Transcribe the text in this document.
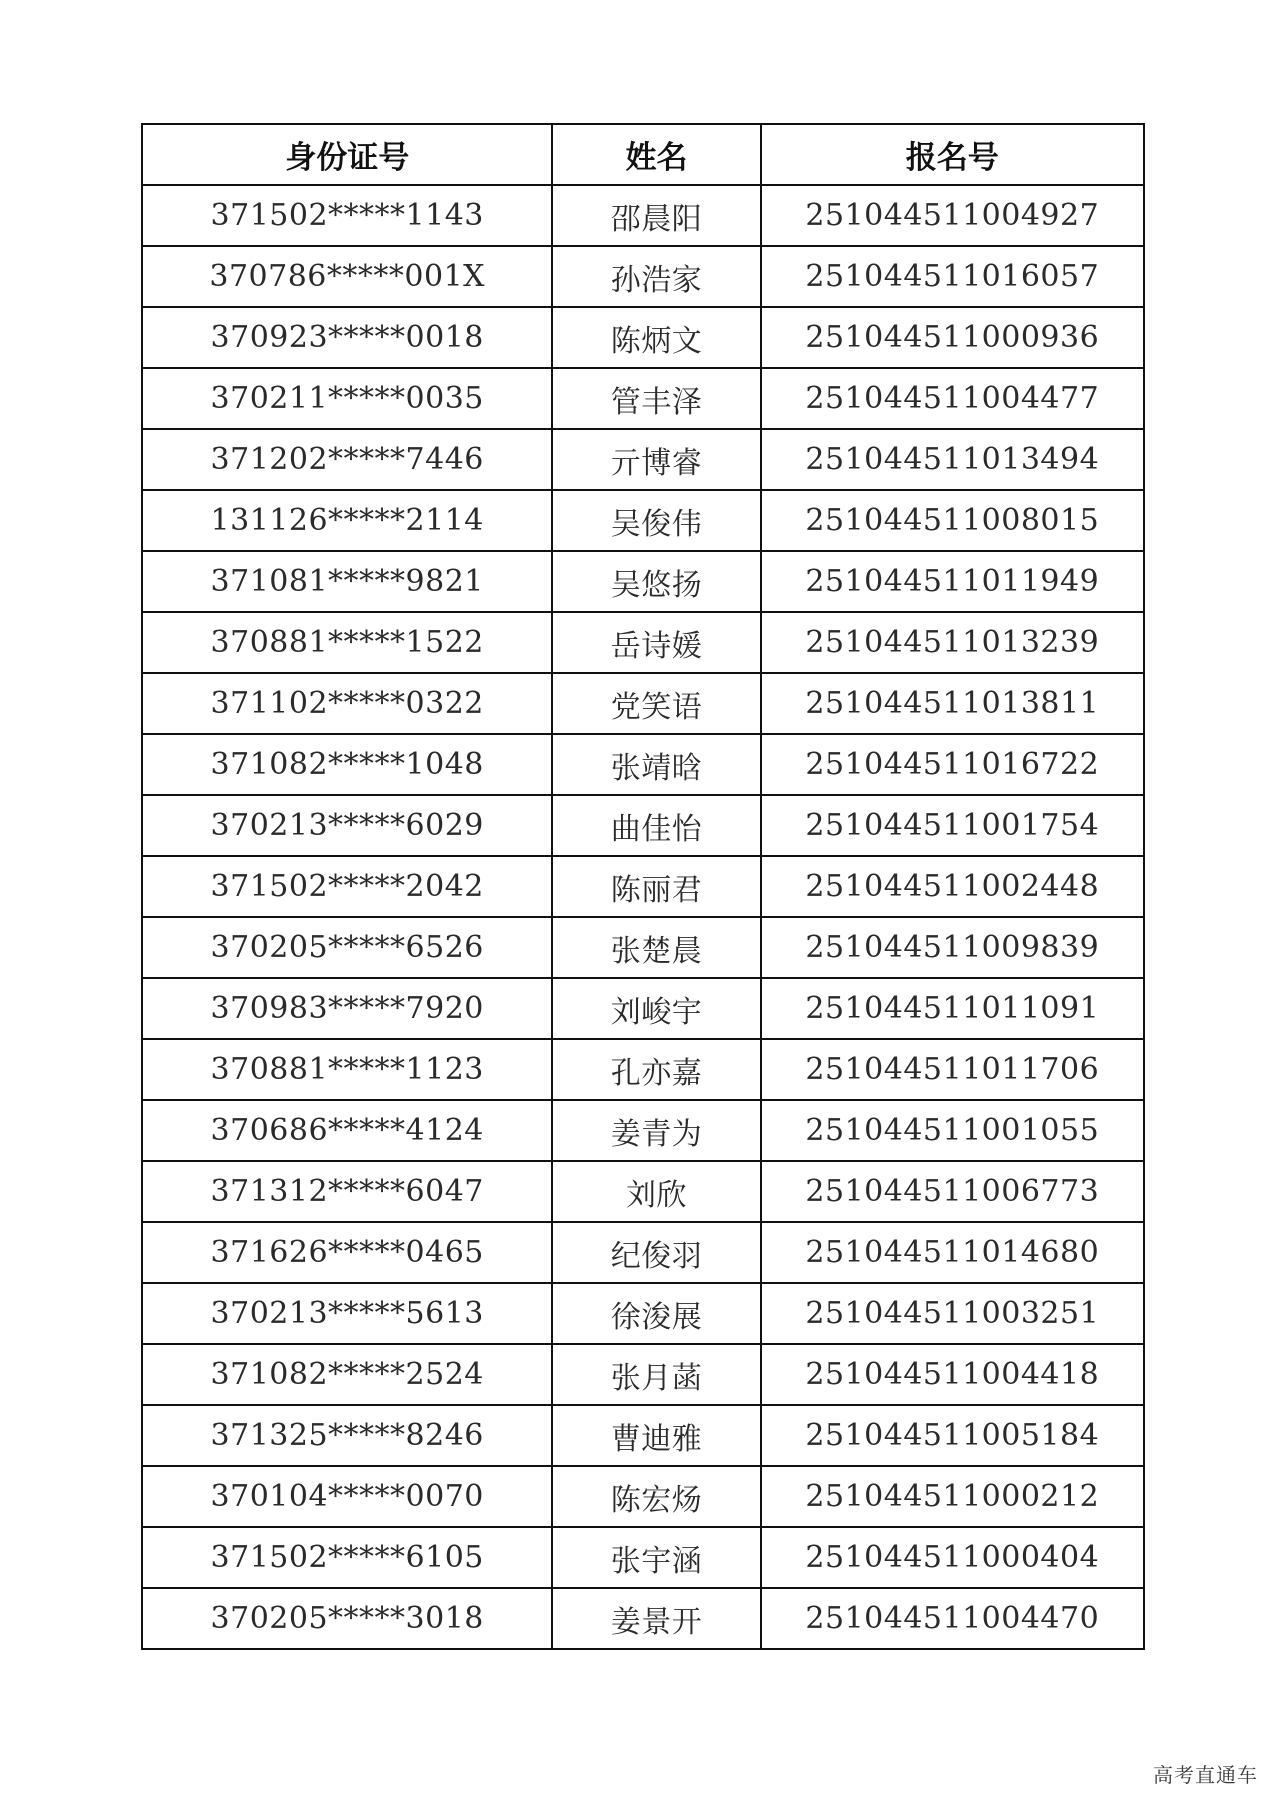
身份证号	姓名	报名号
371502*****1143	邵晨阳	251044511004927
370786*****001X	孙浩家	251044511016057
370923*****0018	陈炳文	251044511000936
370211*****0035	管丰泽	251044511004477
371202*****7446	亓博睿	251044511013494
131126*****2114	吴俊伟	251044511008015
371081*****9821	吴悠扬	251044511011949
370881*****1522	岳诗媛	251044511013239
371102*****0322	党笑语	251044511013811
371082*****1048	张靖晗	251044511016722
370213*****6029	曲佳怡	251044511001754
371502*****2042	陈丽君	251044511002448
370205*****6526	张楚晨	251044511009839
370983*****7920	刘峻宇	251044511011091
370881*****1123	孔亦嘉	251044511011706
370686*****4124	姜青为	251044511001055
371312*****6047	刘欣	251044511006773
371626*****0465	纪俊羽	251044511014680
370213*****5613	徐浚展	251044511003251
371082*****2524	张月菡	251044511004418
371325*****8246	曹迪雅	251044511005184
370104*****0070	陈宏炀	251044511000212
371502*****6105	张宇涵	251044511000404
370205*****3018	姜景开	251044511004470
高考直通车
